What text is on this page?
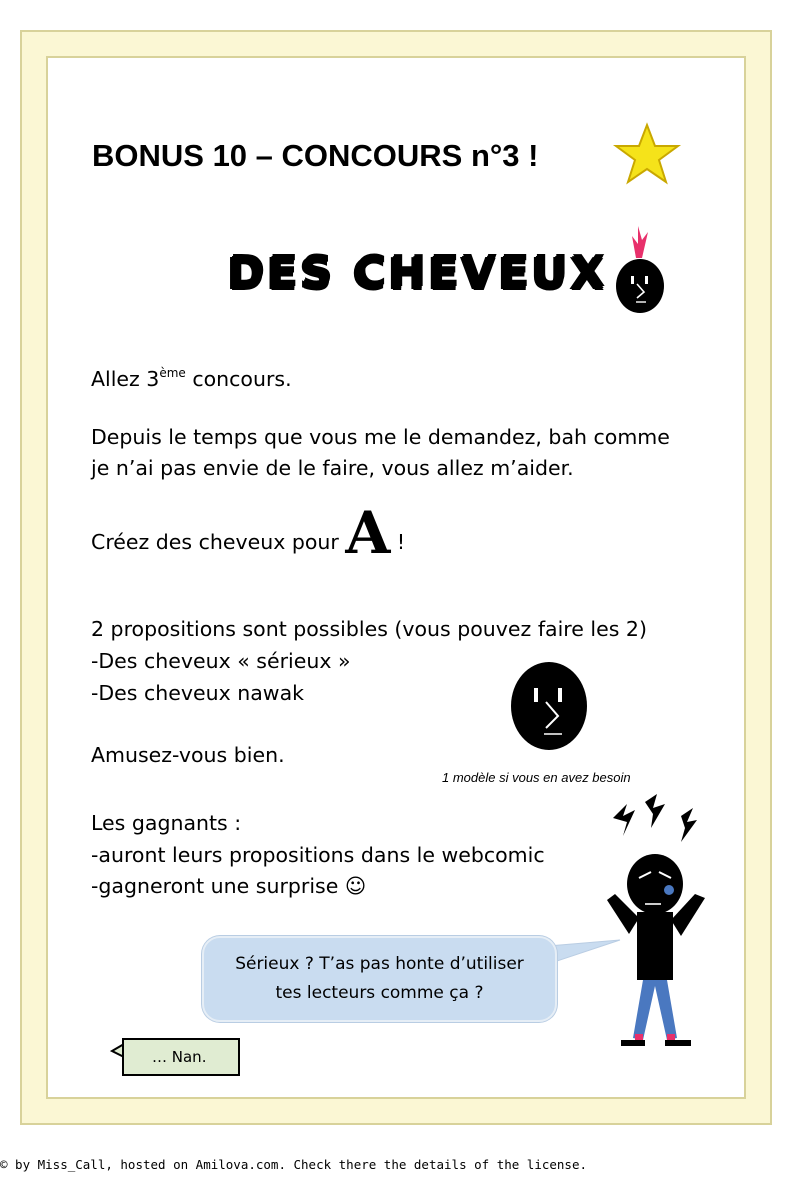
BONUS 10 – CONCOURS n°3 !
DES CHEVEUX
Allez 3ème concours.
Depuis le temps que vous me le demandez, bah comme
je n’ai pas envie de le faire, vous allez m’aider.
Créez des cheveux pour A !
2 propositions sont possibles (vous pouvez faire les 2)
-Des cheveux « sérieux »
-Des cheveux nawak
Amusez-vous bien.
1 modèle si vous en avez besoin
Les gagnants :
-auront leurs propositions dans le webcomic
-gagneront une surprise ☺
Sérieux ? T’as pas honte d’utiliser
tes lecteurs comme ça ?
… Nan.
© by Miss_Call, hosted on Amilova.com. Check there the details of the license.
